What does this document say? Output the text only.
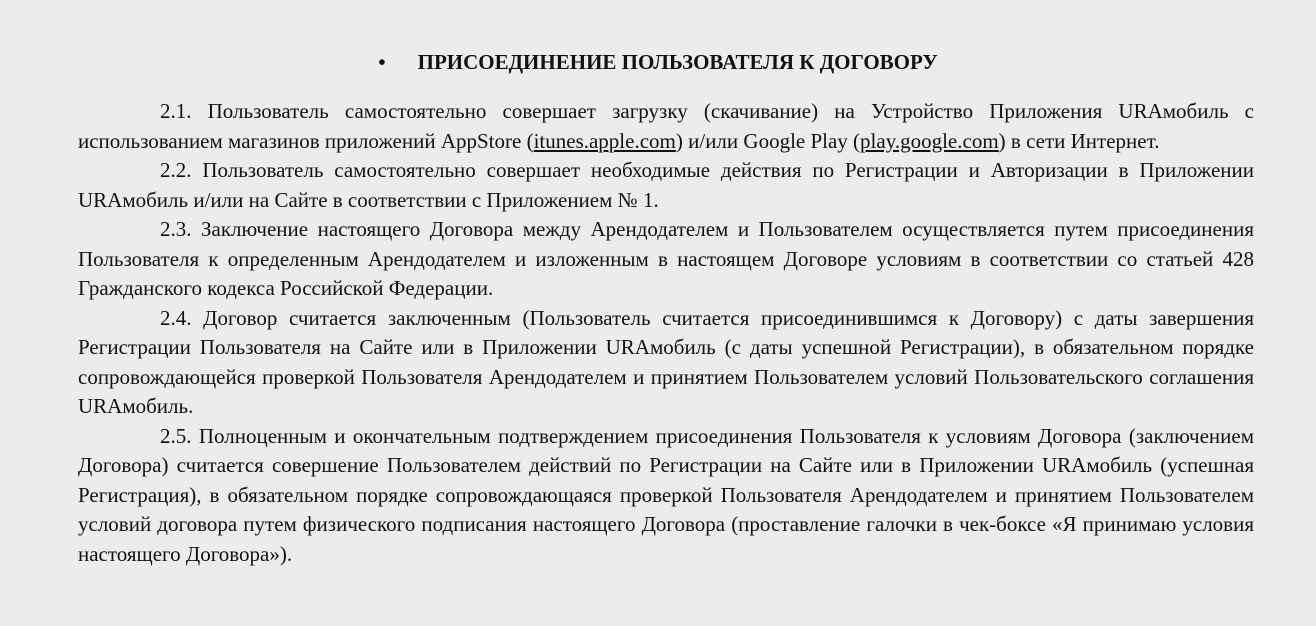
• ПРИСОЕДИНЕНИЕ ПОЛЬЗОВАТЕЛЯ К ДОГОВОРУ

2.1. Пользователь самостоятельно совершает загрузку (скачивание) на Устройство Приложения URAмобиль с использованием магазинов приложений AppStore (itunes.apple.com) и/или Google Play (play.google.com) в сети Интернет.

2.2. Пользователь самостоятельно совершает необходимые действия по Регистрации и Авторизации в Приложении URAмобиль и/или на Сайте в соответствии с Приложением № 1.

2.3. Заключение настоящего Договора между Арендодателем и Пользователем осуществляется путем присоединения Пользователя к определенным Арендодателем и изложенным в настоящем Договоре условиям в соответствии со статьей 428 Гражданского кодекса Российской Федерации.

2.4. Договор считается заключенным (Пользователь считается присоединившимся к Договору) с даты завершения Регистрации Пользователя на Сайте или в Приложении URAмобиль (с даты успешной Регистрации), в обязательном порядке сопровождающейся проверкой Пользователя Арендодателем и принятием Пользователем условий Пользовательского соглашения URAмобиль.

2.5. Полноценным и окончательным подтверждением присоединения Пользователя к условиям Договора (заключением Договора) считается совершение Пользователем действий по Регистрации на Сайте или в Приложении URAмобиль (успешная Регистрация), в обязательном порядке сопровождающаяся проверкой Пользователя Арендодателем и принятием Пользователем условий договора путем физического подписания настоящего Договора (проставление галочки в чек-боксе «Я принимаю условия настоящего Договора»).
